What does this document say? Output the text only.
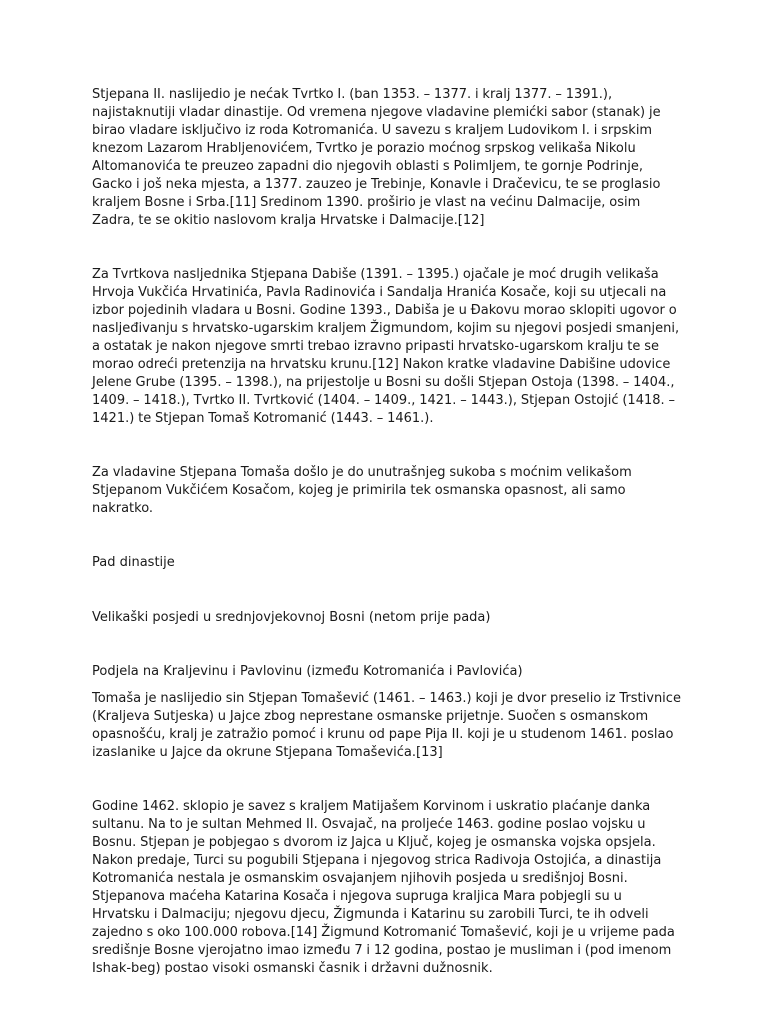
Stjepana II. naslijedio je nećak Tvrtko I. (ban 1353. – 1377. i kralj 1377. – 1391.), najistaknutiji vladar dinastije. Od vremena njegove vladavine plemićki sabor (stanak) je birao vladare isključivo iz roda Kotromanića. U savezu s kraljem Ludovikom I. i srpskim knezom Lazarom Hrabljenovićem, Tvrtko je porazio moćnog srpskog velikaša Nikolu Altomanovića te preuzeo zapadni dio njegovih oblasti s Polimljem, te gornje Podrinje, Gacko i još neka mjesta, a 1377. zauzeo je Trebinje, Konavle i Dračevicu, te se proglasio kraljem Bosne i Srba.[11] Sredinom 1390. proširio je vlast na većinu Dalmacije, osim Zadra, te se okitio naslovom kralja Hrvatske i Dalmacije.[12]

Za Tvrtkova nasljednika Stjepana Dabiše (1391. – 1395.) ojačale je moć drugih velikaša Hrvoja Vukčića Hrvatinića, Pavla Radinovića i Sandalja Hranića Kosače, koji su utjecali na izbor pojedinih vladara u Bosni. Godine 1393., Dabiša je u Đakovu morao sklopiti ugovor o nasljeđivanju s hrvatsko-ugarskim kraljem Žigmundom, kojim su njegovi posjedi smanjeni, a ostatak je nakon njegove smrti trebao izravno pripasti hrvatsko-ugarskom kralju te se morao odreći pretenzija na hrvatsku krunu.[12] Nakon kratke vladavine Dabišine udovice Jelene Grube (1395. – 1398.), na prijestolje u Bosni su došli Stjepan Ostoja (1398. – 1404., 1409. – 1418.), Tvrtko II. Tvrtković (1404. – 1409., 1421. – 1443.), Stjepan Ostojić (1418. – 1421.) te Stjepan Tomaš Kotromanić (1443. – 1461.).

Za vladavine Stjepana Tomaša došlo je do unutrašnjeg sukoba s moćnim velikašom Stjepanom Vukčićem Kosačom, kojeg je primirila tek osmanska opasnost, ali samo nakratko.

Pad dinastije

Velikaški posjedi u srednjovjekovnoj Bosni (netom prije pada)

Podjela na Kraljevinu i Pavlovinu (između Kotromanića i Pavlovića)

Tomaša je naslijedio sin Stjepan Tomašević (1461. – 1463.) koji je dvor preselio iz Trstivnice (Kraljeva Sutjeska) u Jajce zbog neprestane osmanske prijetnje. Suočen s osmanskom opasnošću, kralj je zatražio pomoć i krunu od pape Pija II. koji je u studenom 1461. poslao izaslanike u Jajce da okrune Stjepana Tomaševića.[13]

Godine 1462. sklopio je savez s kraljem Matijašem Korvinom i uskratio plaćanje danka sultanu. Na to je sultan Mehmed II. Osvajač, na proljeće 1463. godine poslao vojsku u Bosnu. Stjepan je pobjegao s dvorom iz Jajca u Ključ, kojeg je osmanska vojska opsjela. Nakon predaje, Turci su pogubili Stjepana i njegovog strica Radivoja Ostojića, a dinastija Kotromanića nestala je osmanskim osvajanjem njihovih posjeda u središnjoj Bosni. Stjepanova maćeha Katarina Kosača i njegova supruga kraljica Mara pobjegli su u Hrvatsku i Dalmaciju; njegovu djecu, Žigmunda i Katarinu su zarobili Turci, te ih odveli zajedno s oko 100.000 robova.[14] Žigmund Kotromanić Tomašević, koji je u vrijeme pada središnje Bosne vjerojatno imao između 7 i 12 godina, postao je musliman i (pod imenom Ishak-beg) postao visoki osmanski časnik i državni dužnosnik.
